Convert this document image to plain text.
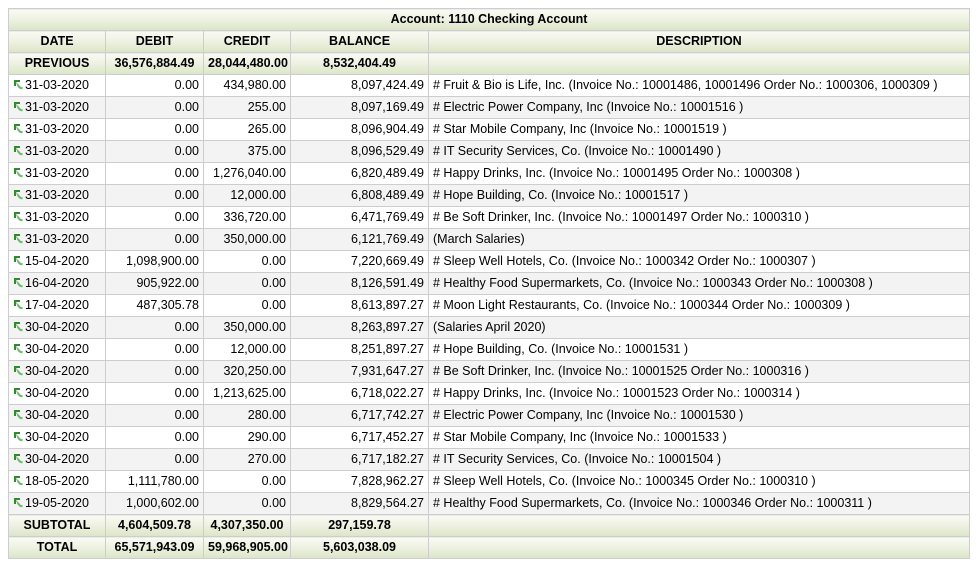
Account: 1110 Checking Account				
DATE	DEBIT	CREDIT	BALANCE	DESCRIPTION
PREVIOUS	36,576,884.49	28,044,480.00	8,532,404.49	
31-03-2020	0.00	434,980.00	8,097,424.49	# Fruit & Bio is Life, Inc. (Invoice No.: 10001486, 10001496 Order No.: 1000306, 1000309 )
31-03-2020	0.00	255.00	8,097,169.49	# Electric Power Company, Inc (Invoice No.: 10001516 )
31-03-2020	0.00	265.00	8,096,904.49	# Star Mobile Company, Inc (Invoice No.: 10001519 )
31-03-2020	0.00	375.00	8,096,529.49	# IT Security Services, Co. (Invoice No.: 10001490 )
31-03-2020	0.00	1,276,040.00	6,820,489.49	# Happy Drinks, Inc. (Invoice No.: 10001495 Order No.: 1000308 )
31-03-2020	0.00	12,000.00	6,808,489.49	# Hope Building, Co. (Invoice No.: 10001517 )
31-03-2020	0.00	336,720.00	6,471,769.49	# Be Soft Drinker, Inc. (Invoice No.: 10001497 Order No.: 1000310 )
31-03-2020	0.00	350,000.00	6,121,769.49	(March Salaries)
15-04-2020	1,098,900.00	0.00	7,220,669.49	# Sleep Well Hotels, Co. (Invoice No.: 1000342 Order No.: 1000307 )
16-04-2020	905,922.00	0.00	8,126,591.49	# Healthy Food Supermarkets, Co. (Invoice No.: 1000343 Order No.: 1000308 )
17-04-2020	487,305.78	0.00	8,613,897.27	# Moon Light Restaurants, Co. (Invoice No.: 1000344 Order No.: 1000309 )
30-04-2020	0.00	350,000.00	8,263,897.27	(Salaries April 2020)
30-04-2020	0.00	12,000.00	8,251,897.27	# Hope Building, Co. (Invoice No.: 10001531 )
30-04-2020	0.00	320,250.00	7,931,647.27	# Be Soft Drinker, Inc. (Invoice No.: 10001525 Order No.: 1000316 )
30-04-2020	0.00	1,213,625.00	6,718,022.27	# Happy Drinks, Inc. (Invoice No.: 10001523 Order No.: 1000314 )
30-04-2020	0.00	280.00	6,717,742.27	# Electric Power Company, Inc (Invoice No.: 10001530 )
30-04-2020	0.00	290.00	6,717,452.27	# Star Mobile Company, Inc (Invoice No.: 10001533 )
30-04-2020	0.00	270.00	6,717,182.27	# IT Security Services, Co. (Invoice No.: 10001504 )
18-05-2020	1,111,780.00	0.00	7,828,962.27	# Sleep Well Hotels, Co. (Invoice No.: 1000345 Order No.: 1000310 )
19-05-2020	1,000,602.00	0.00	8,829,564.27	# Healthy Food Supermarkets, Co. (Invoice No.: 1000346 Order No.: 1000311 )
SUBTOTAL	4,604,509.78	4,307,350.00	297,159.78	
TOTAL	65,571,943.09	59,968,905.00	5,603,038.09	
